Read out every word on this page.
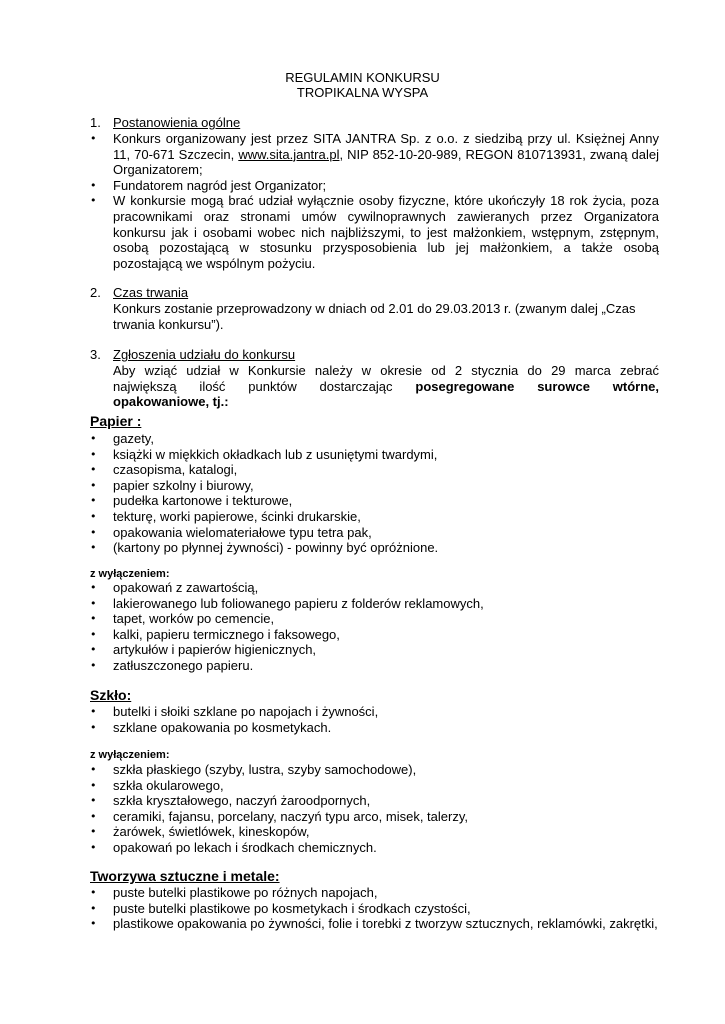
REGULAMIN KONKURSU
TROPIKALNA WYSPA
1. Postanowienia ogólne
• Konkurs organizowany jest przez SITA JANTRA Sp. z o.o. z siedzibą przy ul. Księżnej Anny 11, 70-671 Szczecin, www.sita.jantra.pl, NIP 852-10-20-989, REGON 810713931, zwaną dalej Organizatorem;
• Fundatorem nagród jest Organizator;
• W konkursie mogą brać udział wyłącznie osoby fizyczne, które ukończyły 18 rok życia, poza pracownikami oraz stronami umów cywilnoprawnych zawieranych przez Organizatora konkursu jak i osobami wobec nich najbliższymi, to jest małżonkiem, wstępnym, zstępnym, osobą pozostającą w stosunku przysposobienia lub jej małżonkiem, a także osobą pozostającą we wspólnym pożyciu.
2. Czas trwania
Konkurs zostanie przeprowadzony w dniach od 2.01 do 29.03.2013 r. (zwanym dalej „Czas trwania konkursu”).
3. Zgłoszenia udziału do konkursu
Aby wziąć udział w Konkursie należy w okresie od 2 stycznia do 29 marca zebrać
największą ilość punktów dostarczając posegregowane surowce wtórne,
opakowaniowe, tj.:
Papier :
• gazety,
• książki w miękkich okładkach lub z usuniętymi twardymi,
• czasopisma, katalogi,
• papier szkolny i biurowy,
• pudełka kartonowe i tekturowe,
• tekturę, worki papierowe, ścinki drukarskie,
• opakowania wielomateriałowe typu tetra pak,
• (kartony po płynnej żywności) - powinny być opróżnione.
z wyłączeniem:
• opakowań z zawartością,
• lakierowanego lub foliowanego papieru z folderów reklamowych,
• tapet, worków po cemencie,
• kalki, papieru termicznego i faksowego,
• artykułów i papierów higienicznych,
• zatłuszczonego papieru.
Szkło:
• butelki i słoiki szklane po napojach i żywności,
• szklane opakowania po kosmetykach.
z wyłączeniem:
• szkła płaskiego (szyby, lustra, szyby samochodowe),
• szkła okularowego,
• szkła kryształowego, naczyń żaroodpornych,
• ceramiki, fajansu, porcelany, naczyń typu arco, misek, talerzy,
• żarówek, świetlówek, kineskopów,
• opakowań po lekach i środkach chemicznych.
Tworzywa sztuczne i metale:
• puste butelki plastikowe po różnych napojach,
• puste butelki plastikowe po kosmetykach i środkach czystości,
• plastikowe opakowania po żywności, folie i torebki z tworzyw sztucznych, reklamówki, zakrętki,
